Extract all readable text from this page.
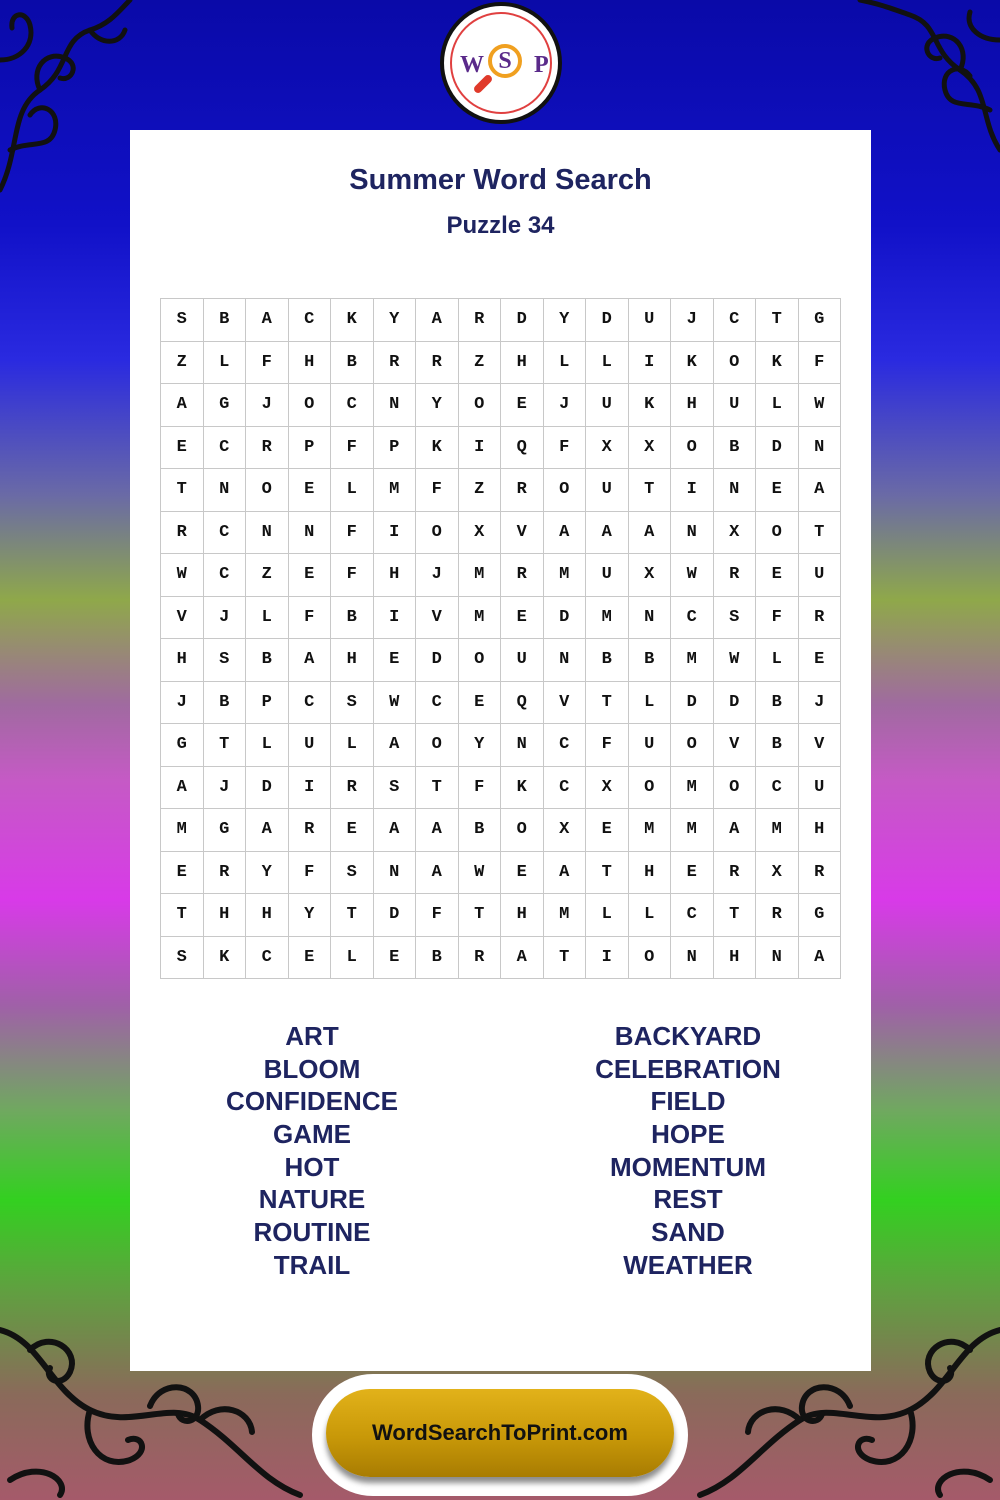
W S P
Summer Word Search
Puzzle 34
S	B	A	C	K	Y	A	R	D	Y	D	U	J	C	T	G
Z	L	F	H	B	R	R	Z	H	L	L	I	K	O	K	F
A	G	J	O	C	N	Y	O	E	J	U	K	H	U	L	W
E	C	R	P	F	P	K	I	Q	F	X	X	O	B	D	N
T	N	O	E	L	M	F	Z	R	O	U	T	I	N	E	A
R	C	N	N	F	I	O	X	V	A	A	A	N	X	O	T
W	C	Z	E	F	H	J	M	R	M	U	X	W	R	E	U
V	J	L	F	B	I	V	M	E	D	M	N	C	S	F	R
H	S	B	A	H	E	D	O	U	N	B	B	M	W	L	E
J	B	P	C	S	W	C	E	Q	V	T	L	D	D	B	J
G	T	L	U	L	A	O	Y	N	C	F	U	O	V	B	V
A	J	D	I	R	S	T	F	K	C	X	O	M	O	C	U
M	G	A	R	E	A	A	B	O	X	E	M	M	A	M	H
E	R	Y	F	S	N	A	W	E	A	T	H	E	R	X	R
T	H	H	Y	T	D	F	T	H	M	L	L	C	T	R	G
S	K	C	E	L	E	B	R	A	T	I	O	N	H	N	A
ART
BLOOM
CONFIDENCE
GAME
HOT
NATURE
ROUTINE
TRAIL
BACKYARD
CELEBRATION
FIELD
HOPE
MOMENTUM
REST
SAND
WEATHER
WordSearchToPrint.com
